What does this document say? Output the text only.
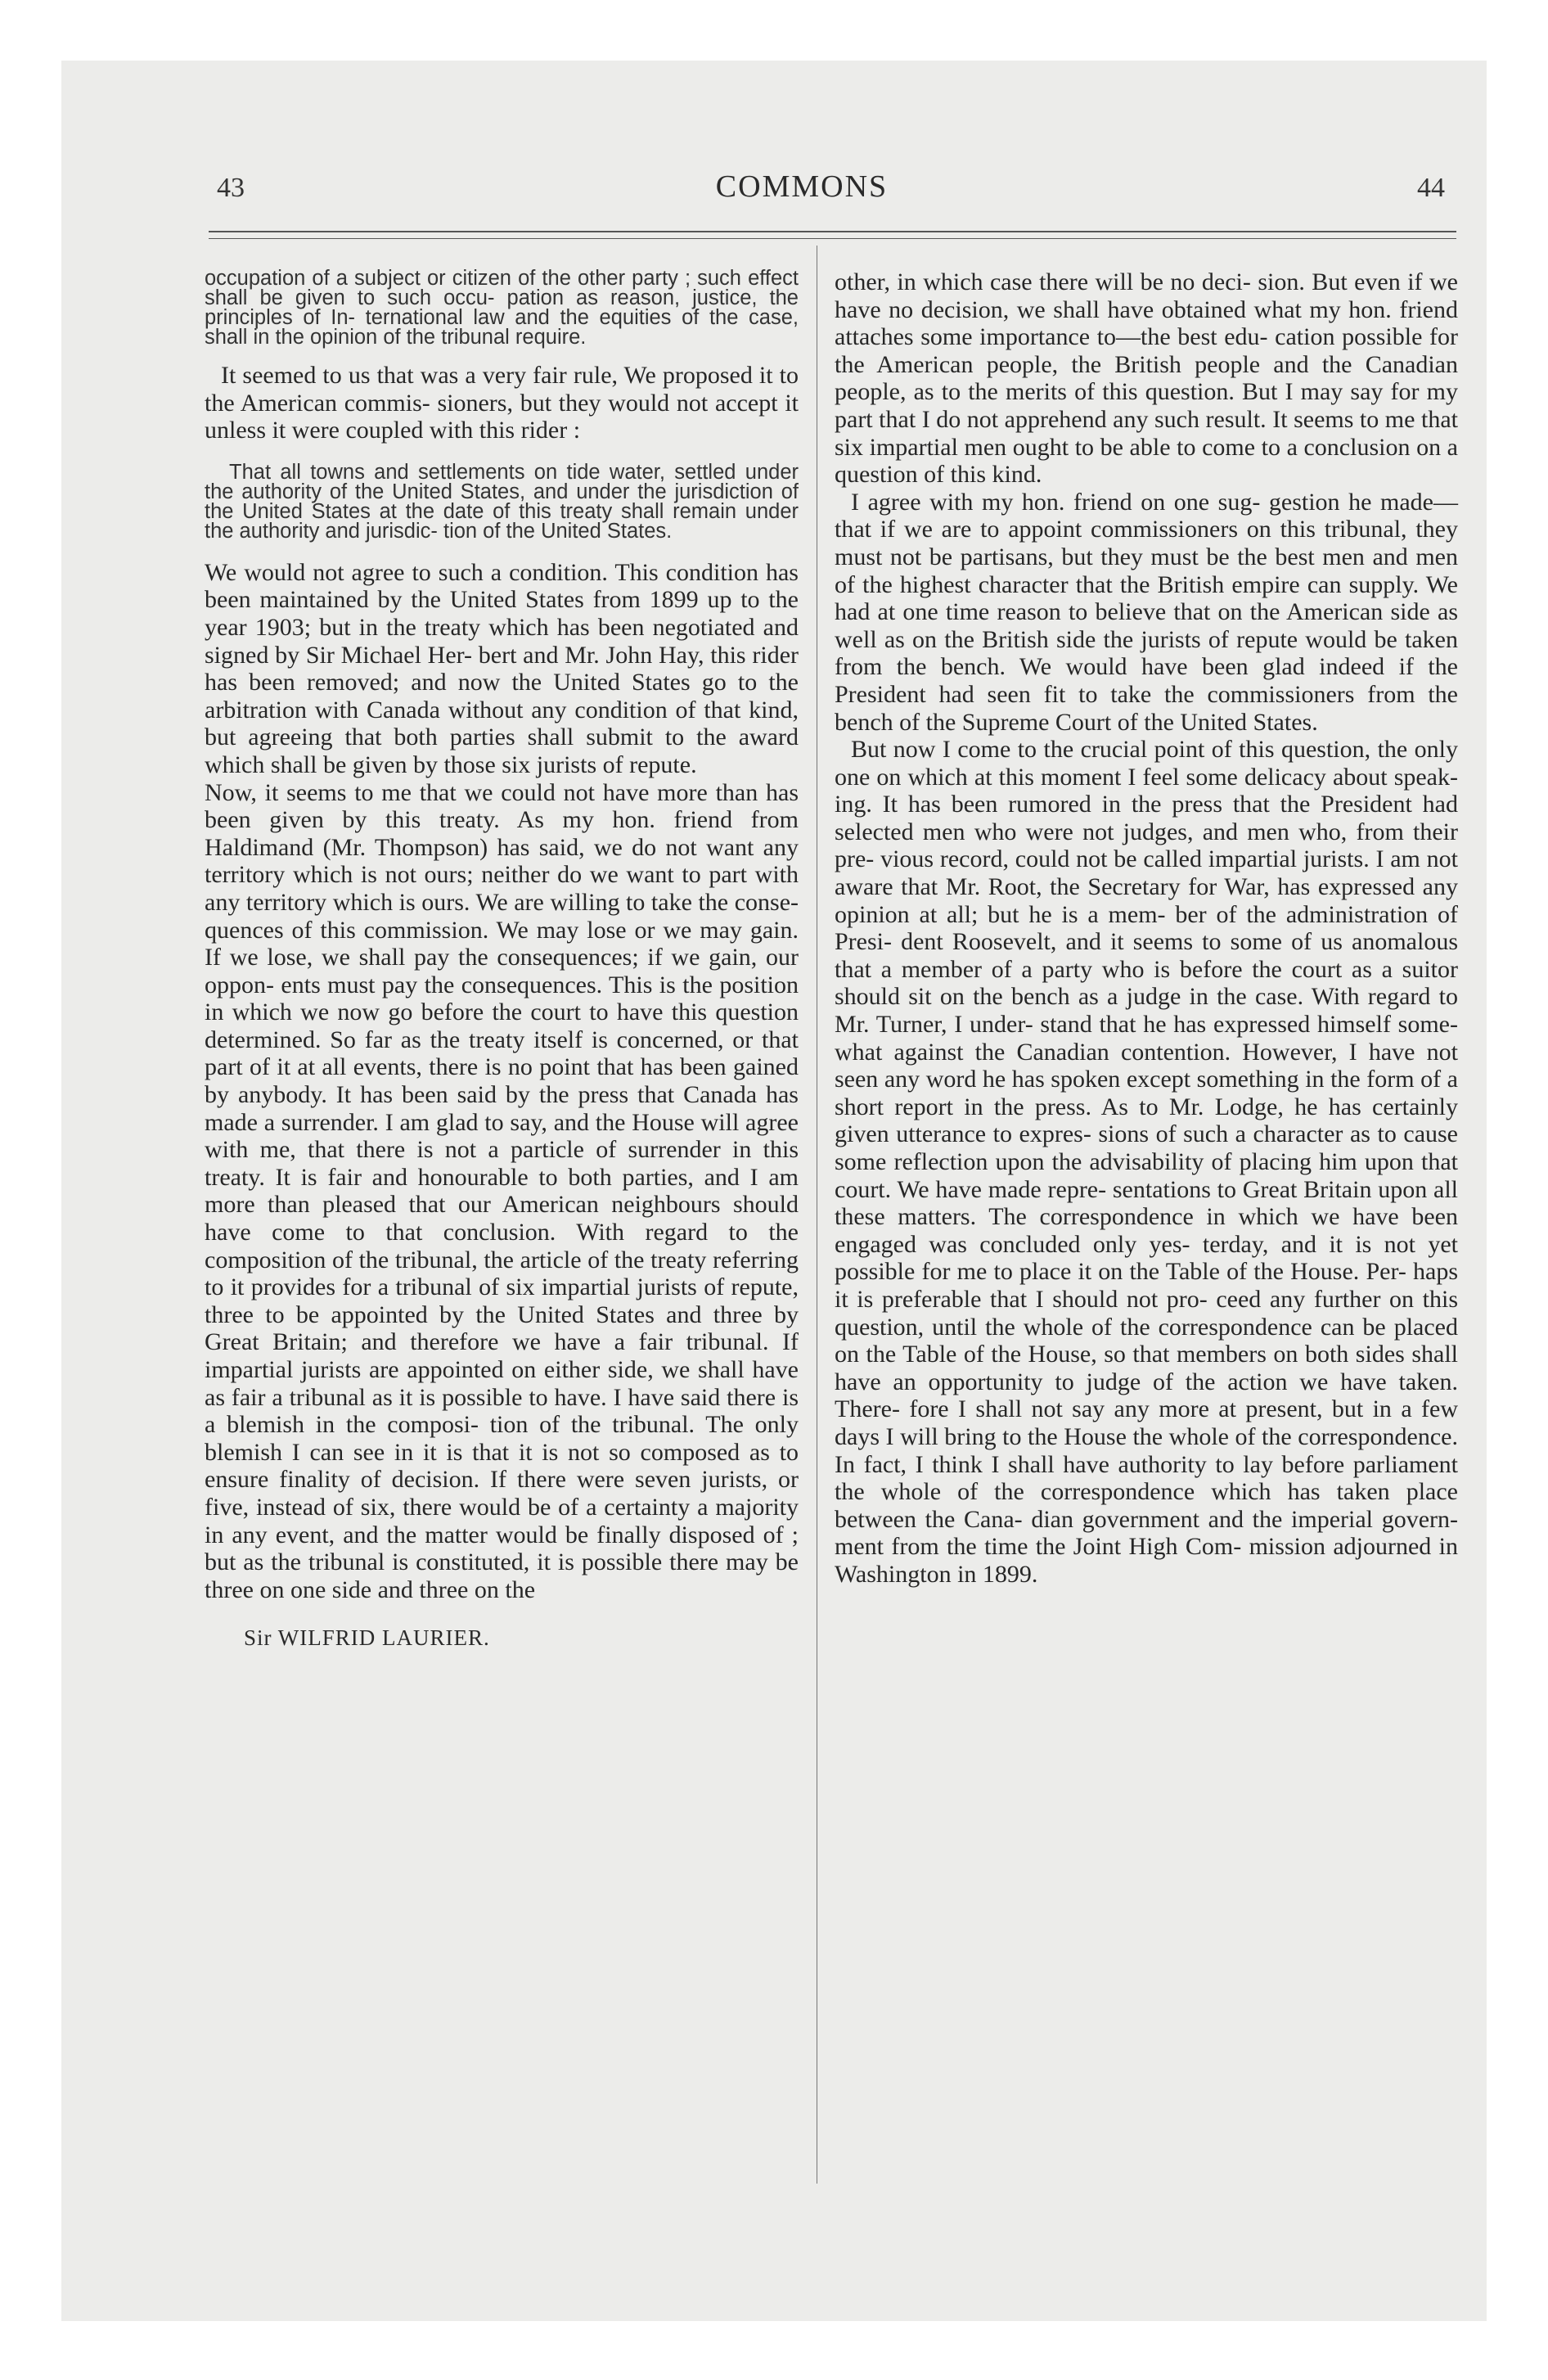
43	COMMONS	44

occupation of a subject or citizen of the other party ; such effect shall be given to such occu- pation as reason, justice, the principles of In- ternational law and the equities of the case, shall in the opinion of the tribunal require.

It seemed to us that was a very fair rule, We proposed it to the American commis- sioners, but they would not accept it unless it were coupled with this rider :

That all towns and settlements on tide water, settled under the authority of the United States, and under the jurisdiction of the United States at the date of this treaty shall remain under the authority and jurisdic- tion of the United States.

We would not agree to such a condition. This condition has been maintained by the United States from 1899 up to the year 1903; but in the treaty which has been negotiated and signed by Sir Michael Her- bert and Mr. John Hay, this rider has been removed; and now the United States go to the arbitration with Canada without any condition of that kind, but agreeing that both parties shall submit to the award which shall be given by those six jurists of repute.

Now, it seems to me that we could not have more than has been given by this treaty. As my hon. friend from Haldimand (Mr. Thompson) has said, we do not want any territory which is not ours; neither do we want to part with any territory which is ours. We are willing to take the conse- quences of this commission. We may lose or we may gain. If we lose, we shall pay the consequences; if we gain, our oppon- ents must pay the consequences. This is the position in which we now go before the court to have this question determined. So far as the treaty itself is concerned, or that part of it at all events, there is no point that has been gained by anybody. It has been said by the press that Canada has made a surrender. I am glad to say, and the House will agree with me, that there is not a particle of surrender in this treaty. It is fair and honourable to both parties, and I am more than pleased that our American neighbours should have come to that conclusion. With regard to the composition of the tribunal, the article of the treaty referring to it provides for a tribunal of six impartial jurists of repute, three to be appointed by the United States and three by Great Britain; and therefore we have a fair tribunal. If impartial jurists are appointed on either side, we shall have as fair a tribunal as it is possible to have. I have said there is a blemish in the composi- tion of the tribunal. The only blemish I can see in it is that it is not so composed as to ensure finality of decision. If there were seven jurists, or five, instead of six, there would be of a certainty a majority in any event, and the matter would be finally disposed of ; but as the tribunal is constituted, it is possible there may be three on one side and three on the

Sir WILFRID LAURIER.

other, in which case there will be no deci- sion. But even if we have no decision, we shall have obtained what my hon. friend attaches some importance to—the best edu- cation possible for the American people, the British people and the Canadian people, as to the merits of this question. But I may say for my part that I do not apprehend any such result. It seems to me that six impartial men ought to be able to come to a conclusion on a question of this kind.

I agree with my hon. friend on one sug- gestion he made—that if we are to appoint commissioners on this tribunal, they must not be partisans, but they must be the best men and men of the highest character that the British empire can supply. We had at one time reason to believe that on the American side as well as on the British side the jurists of repute would be taken from the bench. We would have been glad indeed if the President had seen fit to take the commissioners from the bench of the Supreme Court of the United States.

But now I come to the crucial point of this question, the only one on which at this moment I feel some delicacy about speak- ing. It has been rumored in the press that the President had selected men who were not judges, and men who, from their pre- vious record, could not be called impartial jurists. I am not aware that Mr. Root, the Secretary for War, has expressed any opinion at all; but he is a mem- ber of the administration of Presi- dent Roosevelt, and it seems to some of us anomalous that a member of a party who is before the court as a suitor should sit on the bench as a judge in the case. With regard to Mr. Turner, I under- stand that he has expressed himself some- what against the Canadian contention. However, I have not seen any word he has spoken except something in the form of a short report in the press. As to Mr. Lodge, he has certainly given utterance to expres- sions of such a character as to cause some reflection upon the advisability of placing him upon that court. We have made repre- sentations to Great Britain upon all these matters. The correspondence in which we have been engaged was concluded only yes- terday, and it is not yet possible for me to place it on the Table of the House. Per- haps it is preferable that I should not pro- ceed any further on this question, until the whole of the correspondence can be placed on the Table of the House, so that members on both sides shall have an opportunity to judge of the action we have taken. There- fore I shall not say any more at present, but in a few days I will bring to the House the whole of the correspondence. In fact, I think I shall have authority to lay before parliament the whole of the correspondence which has taken place between the Cana- dian government and the imperial govern- ment from the time the Joint High Com- mission adjourned in Washington in 1899.
